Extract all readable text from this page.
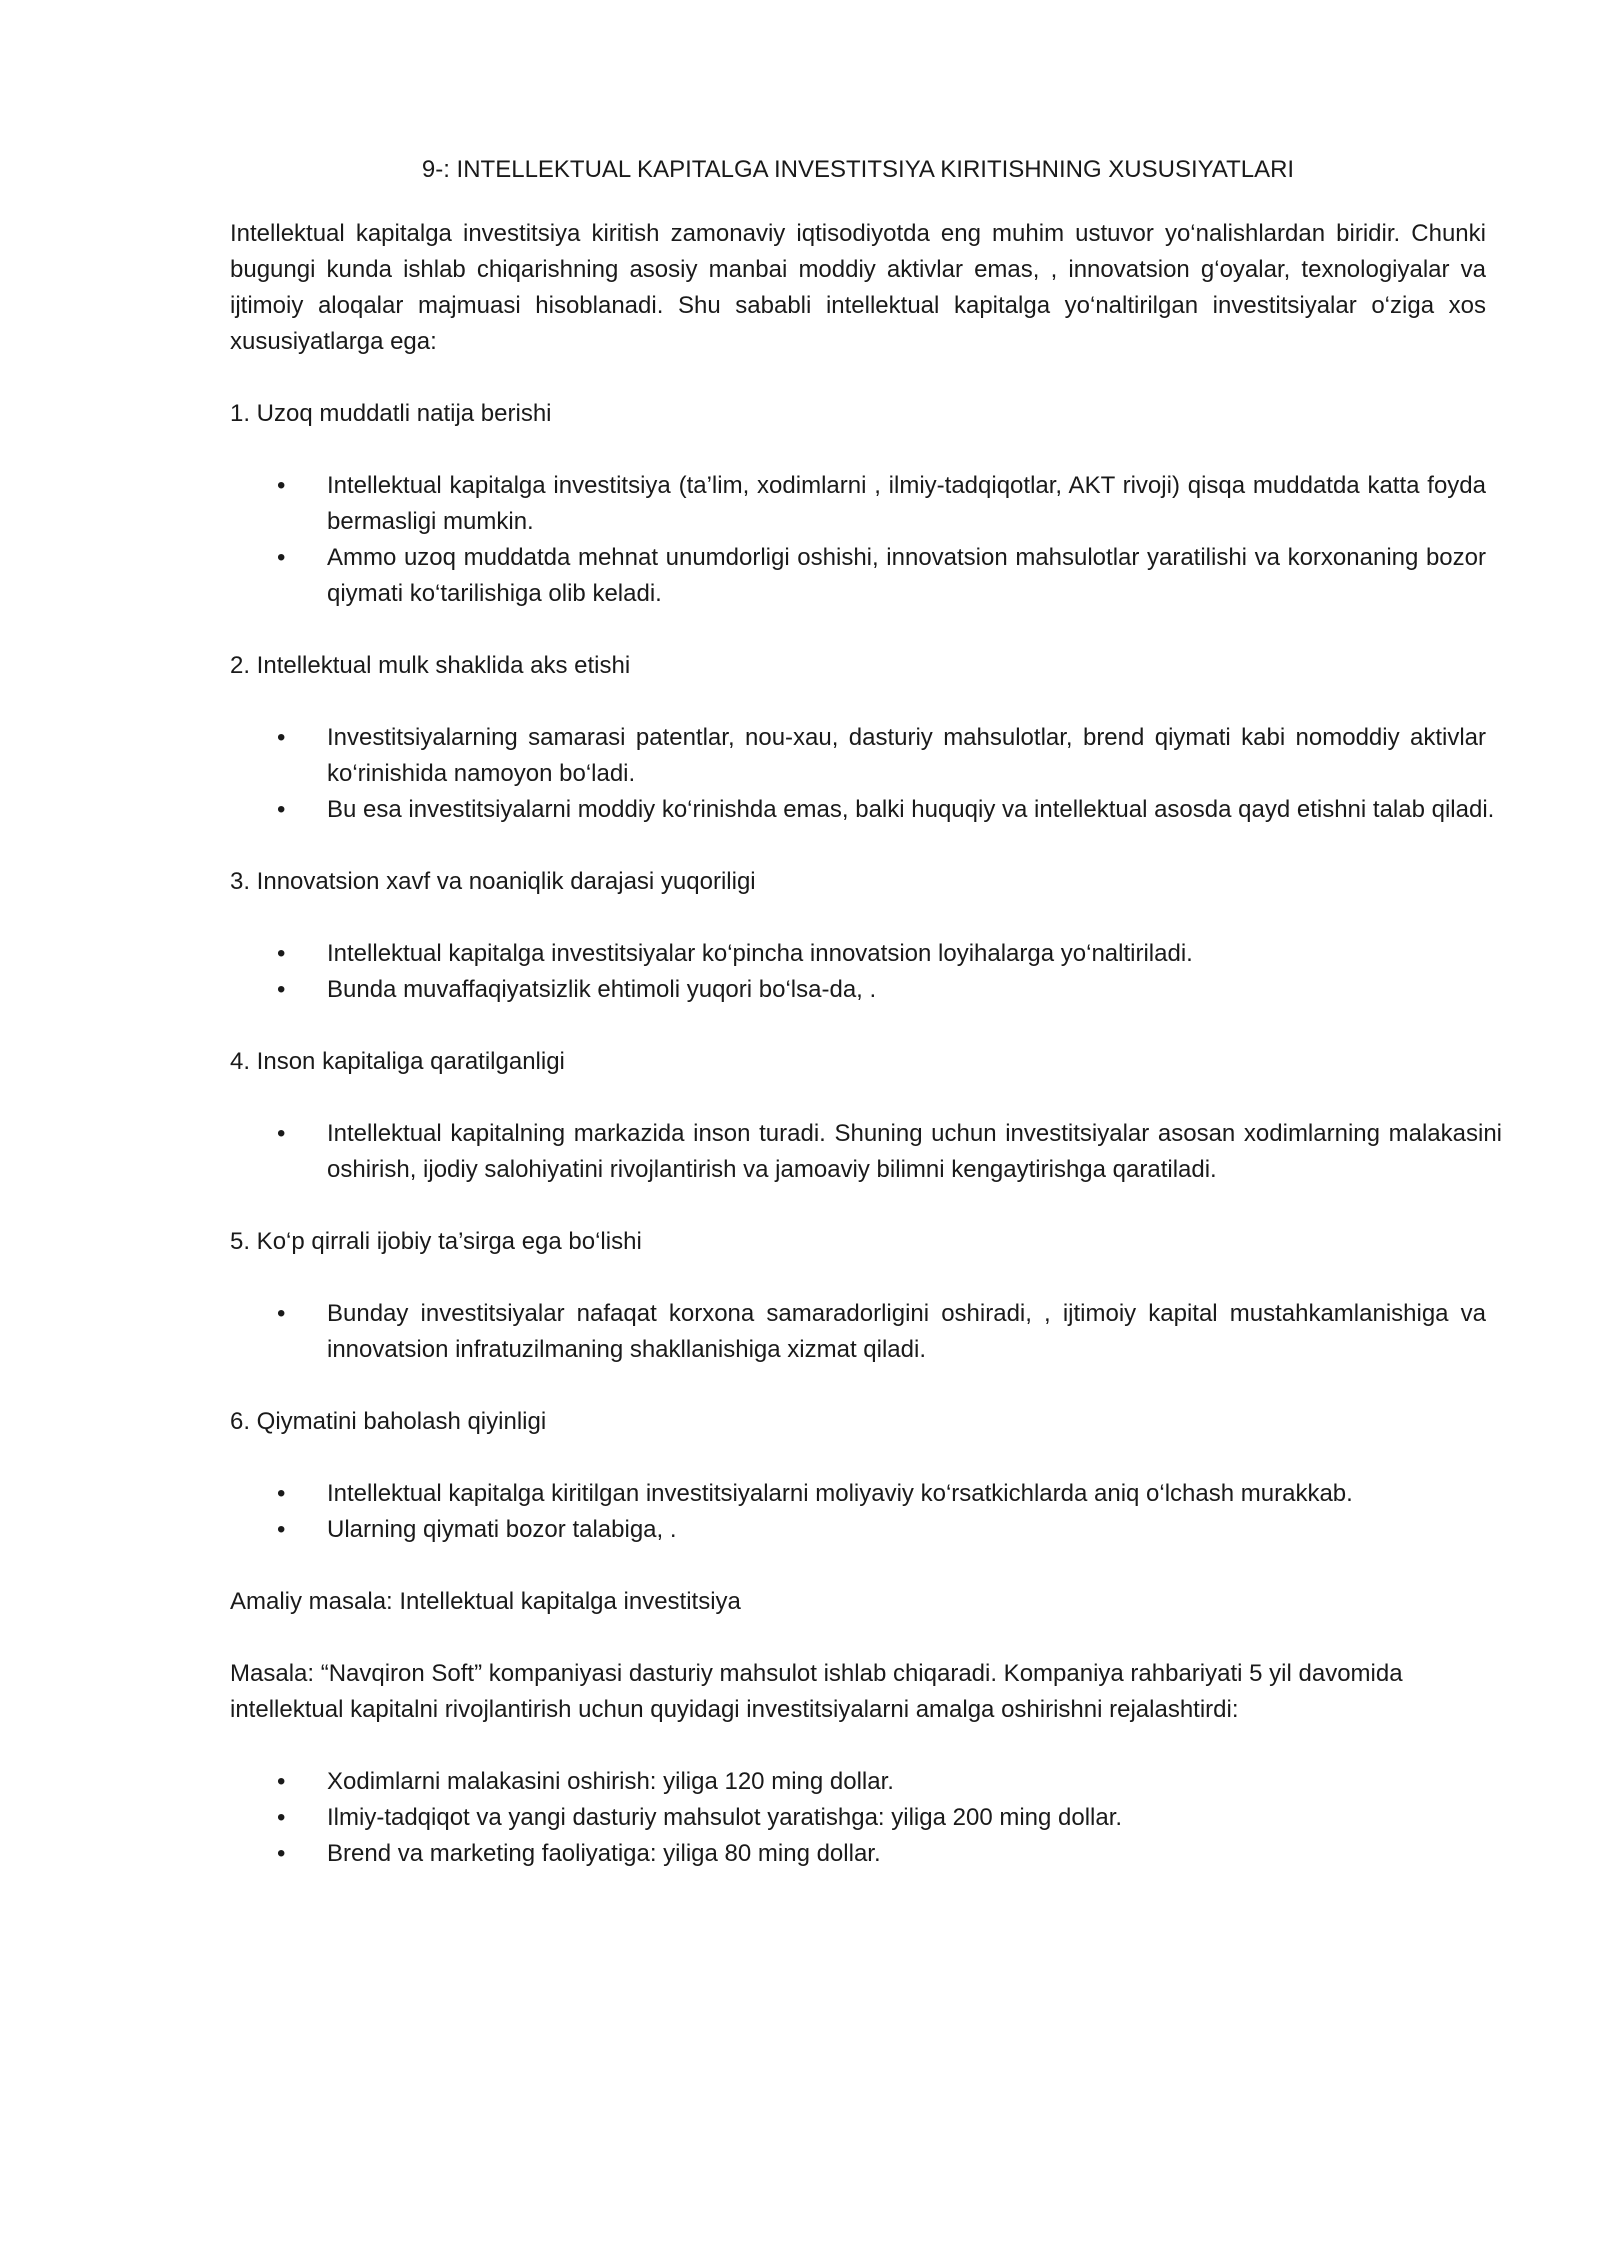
9-: INTELLEKTUAL KAPITALGA INVESTITSIYA KIRITISHNING XUSUSIYATLARI

Intellektual kapitalga investitsiya kiritish zamonaviy iqtisodiyotda eng muhim ustuvor yo‘nalishlardan biridir. Chunki bugungi kunda ishlab chiqarishning asosiy manbai moddiy aktivlar emas, , innovatsion g‘oyalar, texnologiyalar va ijtimoiy aloqalar majmuasi hisoblanadi. Shu sababli intellektual kapitalga yo‘naltirilgan investitsiyalar o‘ziga xos xususiyatlarga ega:

1. Uzoq muddatli natija berishi

• Intellektual kapitalga investitsiya (ta’lim, xodimlarni , ilmiy-tadqiqotlar, AKT rivoji) qisqa muddatda katta foyda bermasligi mumkin.
• Ammo uzoq muddatda mehnat unumdorligi oshishi, innovatsion mahsulotlar yaratilishi va korxonaning bozor qiymati ko‘tarilishiga olib keladi.

2. Intellektual mulk shaklida aks etishi

• Investitsiyalarning samarasi patentlar, nou-xau, dasturiy mahsulotlar, brend qiymati kabi nomoddiy aktivlar ko‘rinishida namoyon bo‘ladi.
• Bu esa investitsiyalarni moddiy ko‘rinishda emas, balki huquqiy va intellektual asosda qayd etishni talab qiladi.

3. Innovatsion xavf va noaniqlik darajasi yuqoriligi

• Intellektual kapitalga investitsiyalar ko‘pincha innovatsion loyihalarga yo‘naltiriladi.
• Bunda muvaffaqiyatsizlik ehtimoli yuqori bo‘lsa-da, .

4. Inson kapitaliga qaratilganligi

• Intellektual kapitalning markazida inson turadi. Shuning uchun investitsiyalar asosan xodimlarning malakasini oshirish, ijodiy salohiyatini rivojlantirish va jamoaviy bilimni kengaytirishga qaratiladi.

5. Ko‘p qirrali ijobiy ta’sirga ega bo‘lishi

• Bunday investitsiyalar nafaqat korxona samaradorligini oshiradi, , ijtimoiy kapital mustahkamlanishiga va innovatsion infratuzilmaning shakllanishiga xizmat qiladi.

6. Qiymatini baholash qiyinligi

• Intellektual kapitalga kiritilgan investitsiyalarni moliyaviy ko‘rsatkichlarda aniq o‘lchash murakkab.
• Ularning qiymati bozor talabiga, .

Amaliy masala: Intellektual kapitalga investitsiya

Masala: “Navqiron Soft” kompaniyasi dasturiy mahsulot ishlab chiqaradi. Kompaniya rahbariyati 5 yil davomida intellektual kapitalni rivojlantirish uchun quyidagi investitsiyalarni amalga oshirishni rejalashtirdi:

• Xodimlarni malakasini oshirish: yiliga 120 ming dollar.
• Ilmiy-tadqiqot va yangi dasturiy mahsulot yaratishga: yiliga 200 ming dollar.
• Brend va marketing faoliyatiga: yiliga 80 ming dollar.
